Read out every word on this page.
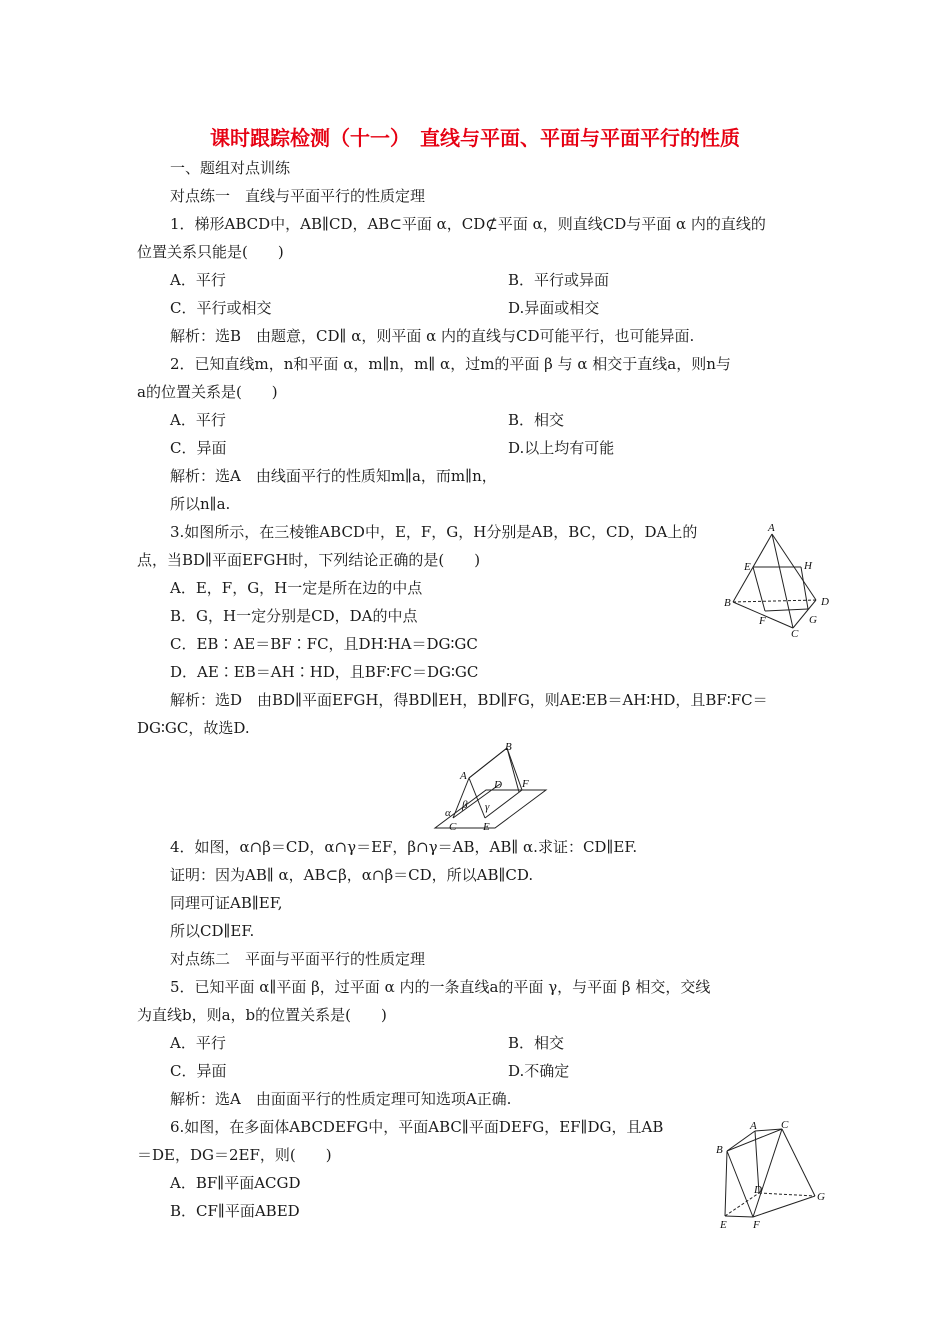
课时跟踪检测（十一）　直线与平面、平面与平面平行的性质
一、题组对点训练
对点练一　直线与平面平行的性质定理
1．梯形ABCD中，AB∥CD，AB⊂平面 α，CD⊄平面 α，则直线CD与平面 α 内的直线的
位置关系只能是(　　)
A．平行	B．平行或异面
C．平行或相交	D.异面或相交
解析：选B　由题意，CD∥ α，则平面 α 内的直线与CD可能平行，也可能异面.
2．已知直线m，n和平面 α，m∥n，m∥ α，过m的平面 β 与 α 相交于直线a，则n与
a的位置关系是(　　)
A．平行	B．相交
C．异面	D.以上均有可能
解析：选A　由线面平行的性质知m∥a，而m∥n，
所以n∥a.
3.如图所示，在三棱锥ABCD中，E，F，G，H分别是AB，BC，CD，DA上的
点，当BD∥平面EFGH时，下列结论正确的是(　　)
A．E，F，G，H一定是所在边的中点
B．G，H一定分别是CD，DA的中点
C．EB∶AE＝BF∶FC，且DH∶HA＝DG∶GC
D．AE∶EB＝AH∶HD，且BF∶FC＝DG∶GC
解析：选D　由BD∥平面EFGH，得BD∥EH，BD∥FG，则AE∶EB＝AH∶HD，且BF∶FC＝
DG∶GC，故选D.
A
E	H
B	D
F
C
G
B
A
D F
α
β γ
C E
4．如图，α∩β＝CD，α∩γ＝EF，β∩γ＝AB，AB∥ α.求证：CD∥EF.
证明：因为AB∥ α，AB⊂β，α∩β＝CD，所以AB∥CD.
同理可证AB∥EF,
所以CD∥EF.
对点练二　平面与平面平行的性质定理
5．已知平面 α∥平面 β，过平面 α 内的一条直线a的平面 γ，与平面 β 相交，交线
为直线b，则a，b的位置关系是(　　)
A．平行	B．相交
C．异面	D.不确定
解析：选A　由面面平行的性质定理可知选项A正确.
6.如图，在多面体ABCDEFG中，平面ABC∥平面DEFG，EF∥DG，且AB
＝DE，DG＝2EF，则(　　)
A．BF∥平面ACGD
B．CF∥平面ABED
A C
B
D
G
E F
